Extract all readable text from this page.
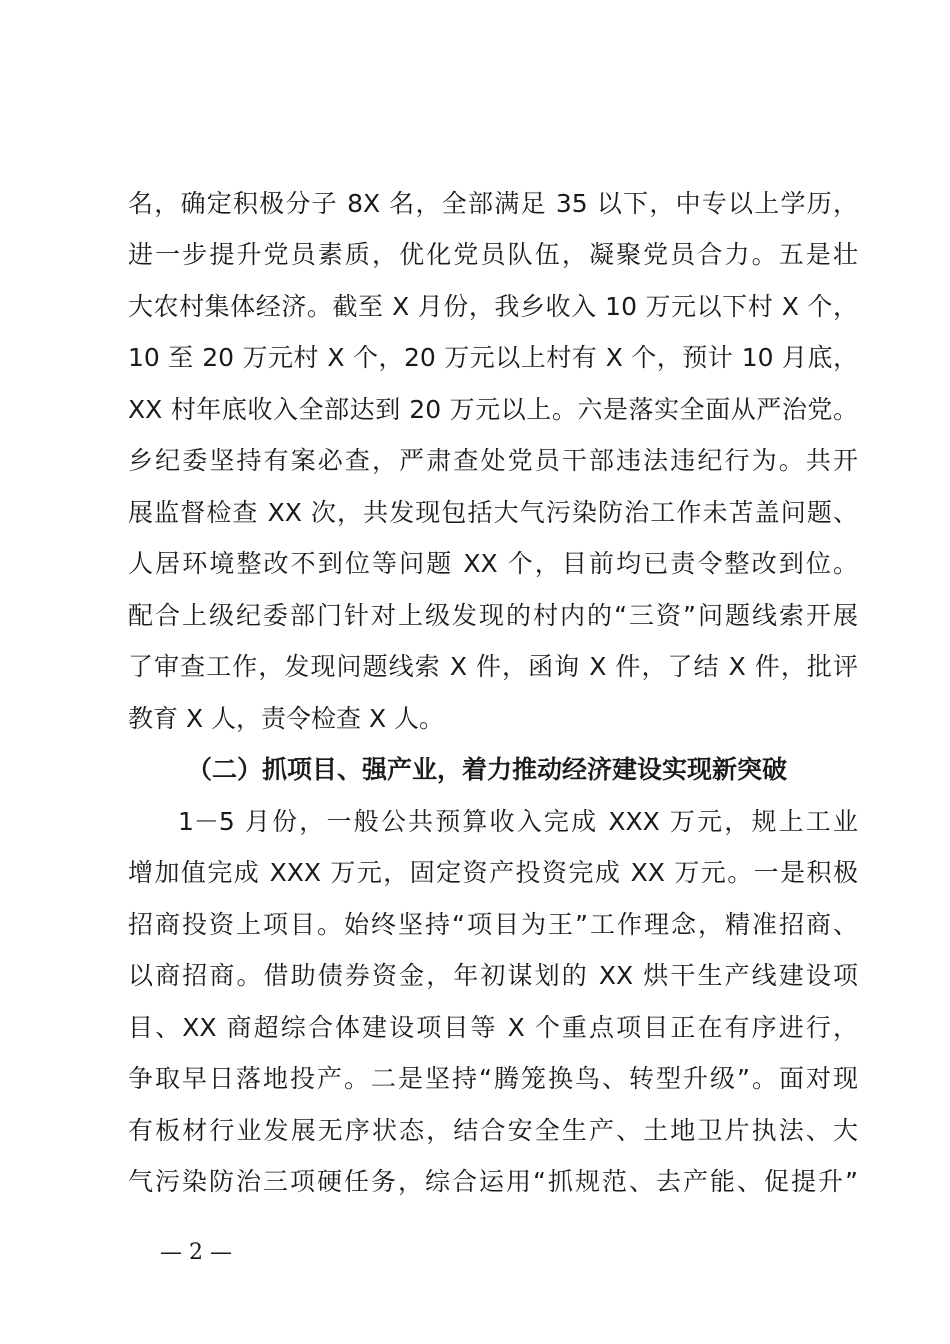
名，确定积极分子 8X 名，全部满足 35 以下，中专以上学历，
进一步提升党员素质，优化党员队伍，凝聚党员合力。五是壮
大农村集体经济。截至 X 月份，我乡收入 10 万元以下村 X 个，
10 至 20 万元村 X 个，20 万元以上村有 X 个，预计 10 月底，
XX 村年底收入全部达到 20 万元以上。六是落实全面从严治党。
乡纪委坚持有案必查，严肃查处党员干部违法违纪行为。共开
展监督检查 XX 次，共发现包括大气污染防治工作未苫盖问题、
人居环境整改不到位等问题 XX 个，目前均已责令整改到位。
配合上级纪委部门针对上级发现的村内的“三资”问题线索开展
了审查工作，发现问题线索 X 件，函询 X 件，了结 X 件，批评
教育 X 人，责令检查 X 人。
（二）抓项目、强产业，着力推动经济建设实现新突破
1－5 月份，一般公共预算收入完成 XXX 万元，规上工业
增加值完成 XXX 万元，固定资产投资完成 XX 万元。一是积极
招商投资上项目。始终坚持“项目为王”工作理念，精准招商、
以商招商。借助债券资金，年初谋划的 XX 烘干生产线建设项
目、XX 商超综合体建设项目等 X 个重点项目正在有序进行，
争取早日落地投产。二是坚持“腾笼换鸟、转型升级”。面对现
有板材行业发展无序状态，结合安全生产、土地卫片执法、大
气污染防治三项硬任务，综合运用“抓规范、去产能、促提升”
— 2 —
